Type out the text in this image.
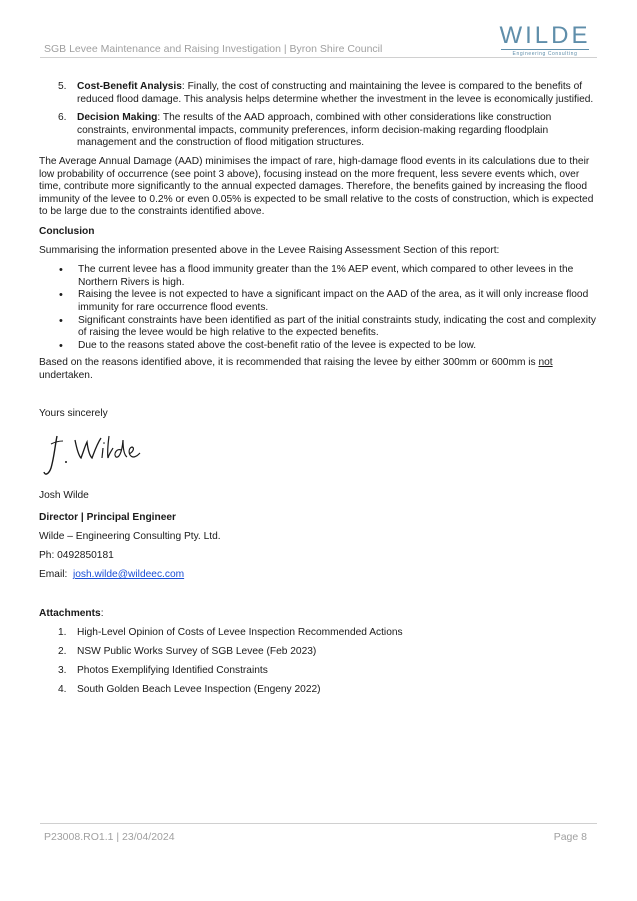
SGB Levee Maintenance and Raising Investigation | Byron Shire Council	WILDE
Engineering Consulting
5.	Cost-Benefit Analysis: Finally, the cost of constructing and maintaining the levee is compared to the benefits of reduced flood damage. This analysis helps determine whether the investment in the levee is economically justified.
6.	Decision Making: The results of the AAD approach, combined with other considerations like construction constraints, environmental impacts, community preferences, inform decision-making regarding floodplain management and the construction of flood mitigation structures.

The Average Annual Damage (AAD) minimises the impact of rare, high-damage flood events in its calculations due to their low probability of occurrence (see point 3 above), focusing instead on the more frequent, less severe events which, over time, contribute more significantly to the annual expected damages. Therefore, the benefits gained by increasing the flood immunity of the levee to 0.2% or even 0.05% is expected to be small relative to the costs of construction, which is expected to be large due to the constraints identified above.

Conclusion

Summarising the information presented above in the Levee Raising Assessment Section of this report:

•	The current levee has a flood immunity greater than the 1% AEP event, which compared to other levees in the Northern Rivers is high.
•	Raising the levee is not expected to have a significant impact on the AAD of the area, as it will only increase flood immunity for rare occurrence flood events.
•	Significant constraints have been identified as part of the initial constraints study, indicating the cost and complexity of raising the levee would be high relative to the expected benefits.
•	Due to the reasons stated above the cost-benefit ratio of the levee is expected to be low.

Based on the reasons identified above, it is recommended that raising the levee by either 300mm or 600mm is not undertaken.

Yours sincerely
Josh Wilde
Director | Principal Engineer
Wilde – Engineering Consulting Pty. Ltd.
Ph: 0492850181
Email: josh.wilde@wildeec.com
Attachments:
1.	High-Level Opinion of Costs of Levee Inspection Recommended Actions
2.	NSW Public Works Survey of SGB Levee (Feb 2023)
3.	Photos Exemplifying Identified Constraints
4.	South Golden Beach Levee Inspection (Engeny 2022)
P23008.RO1.1 | 23/04/2024	Page 8
